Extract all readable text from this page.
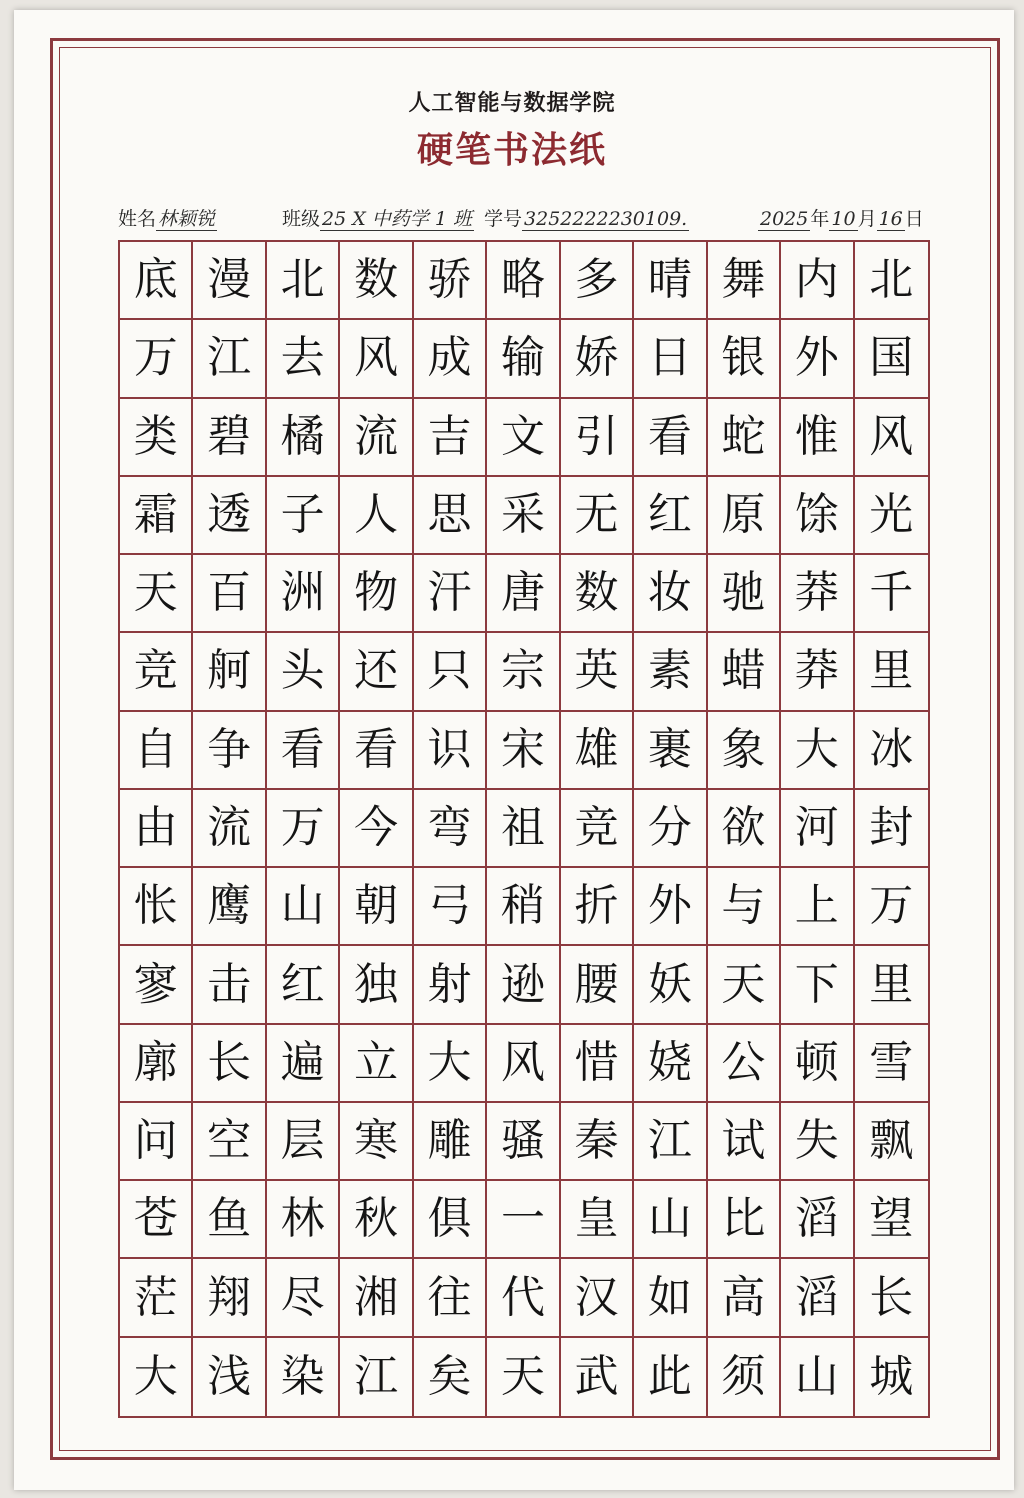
人工智能与数据学院
硬笔书法纸
姓名 林颖锐	班级 25 X 中药学 1 班 学号 3252222230109.	2025 年 10 月 16 日
底 漫 北 数 骄 略 多 晴 舞 内 北
万 江 去 风 成 输 娇 日 银 外 国
类 碧 橘 流 吉 文 引 看 蛇 惟 风
霜 透 子 人 思 采 无 红 原 馀 光
天 百 洲 物 汗 唐 数 妆 驰 莽 千
竞 舸 头 还 只 宗 英 素 蜡 莽 里
自 争 看 看 识 宋 雄 裹 象 大 冰
由 流 万 今 弯 祖 竞 分 欲 河 封
怅 鹰 山 朝 弓 稍 折 外 与 上 万
寥 击 红 独 射 逊 腰 妖 天 下 里
廓 长 遍 立 大 风 惜 娆 公 顿 雪
问 空 层 寒 雕 骚 秦 江 试 失 飘
苍 鱼 林 秋 俱 一 皇 山 比 滔 望
茫 翔 尽 湘 往 代 汉 如 高 滔 长
大 浅 染 江 矣 天 武 此 须 山 城
